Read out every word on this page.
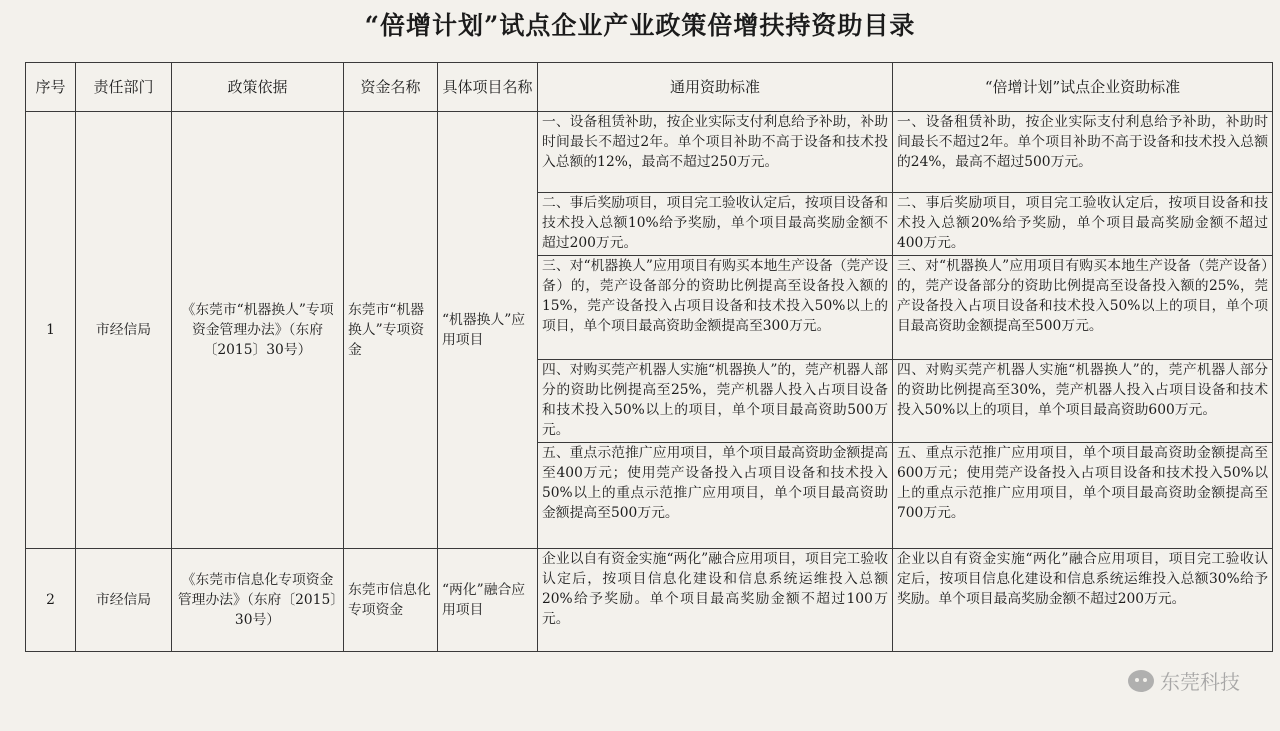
“倍增计划”试点企业产业政策倍增扶持资助目录
序号	责任部门	政策依据	资金名称	具体项目名称	通用资助标准	“倍增计划”试点企业资助标准
1	市经信局	《东莞市“机器换人”专项资金管理办法》（东府〔2015〕30号）	东莞市“机器换人”专项资金	“机器换人”应用项目	一、设备租赁补助，按企业实际支付利息给予补助，补助时间最长不超过2年。单个项目补助不高于设备和技术投入总额的12%，最高不超过250万元。	一、设备租赁补助，按企业实际支付利息给予补助，补助时间最长不超过2年。单个项目补助不高于设备和技术投入总额的24%，最高不超过500万元。
					二、事后奖励项目，项目完工验收认定后，按项目设备和技术投入总额10%给予奖励，单个项目最高奖励金额不超过200万元。	二、事后奖励项目，项目完工验收认定后，按项目设备和技术投入总额20%给予奖励，单个项目最高奖励金额不超过400万元。
					三、对“机器换人”应用项目有购买本地生产设备（莞产设备）的，莞产设备部分的资助比例提高至设备投入额的15%，莞产设备投入占项目设备和技术投入50%以上的项目，单个项目最高资助金额提高至300万元。	三、对“机器换人”应用项目有购买本地生产设备（莞产设备）的，莞产设备部分的资助比例提高至设备投入额的25%，莞产设备投入占项目设备和技术投入50%以上的项目，单个项目最高资助金额提高至500万元。
					四、对购买莞产机器人实施“机器换人”的，莞产机器人部分的资助比例提高至25%，莞产机器人投入占项目设备和技术投入50%以上的项目，单个项目最高资助500万元。	四、对购买莞产机器人实施“机器换人”的，莞产机器人部分的资助比例提高至30%，莞产机器人投入占项目设备和技术投入50%以上的项目，单个项目最高资助600万元。
					五、重点示范推广应用项目，单个项目最高资助金额提高至400万元；使用莞产设备投入占项目设备和技术投入50%以上的重点示范推广应用项目，单个项目最高资助金额提高至500万元。	五、重点示范推广应用项目，单个项目最高资助金额提高至600万元；使用莞产设备投入占项目设备和技术投入50%以上的重点示范推广应用项目，单个项目最高资助金额提高至700万元。
2	市经信局	《东莞市信息化专项资金管理办法》（东府〔2015〕30号）	东莞市信息化专项资金	“两化”融合应用项目	企业以自有资金实施“两化”融合应用项目，项目完工验收认定后，按项目信息化建设和信息系统运维投入总额20%给予奖励。单个项目最高奖励金额不超过100万元。	企业以自有资金实施“两化”融合应用项目，项目完工验收认定后，按项目信息化建设和信息系统运维投入总额30%给予奖励。单个项目最高奖励金额不超过200万元。
东莞科技
